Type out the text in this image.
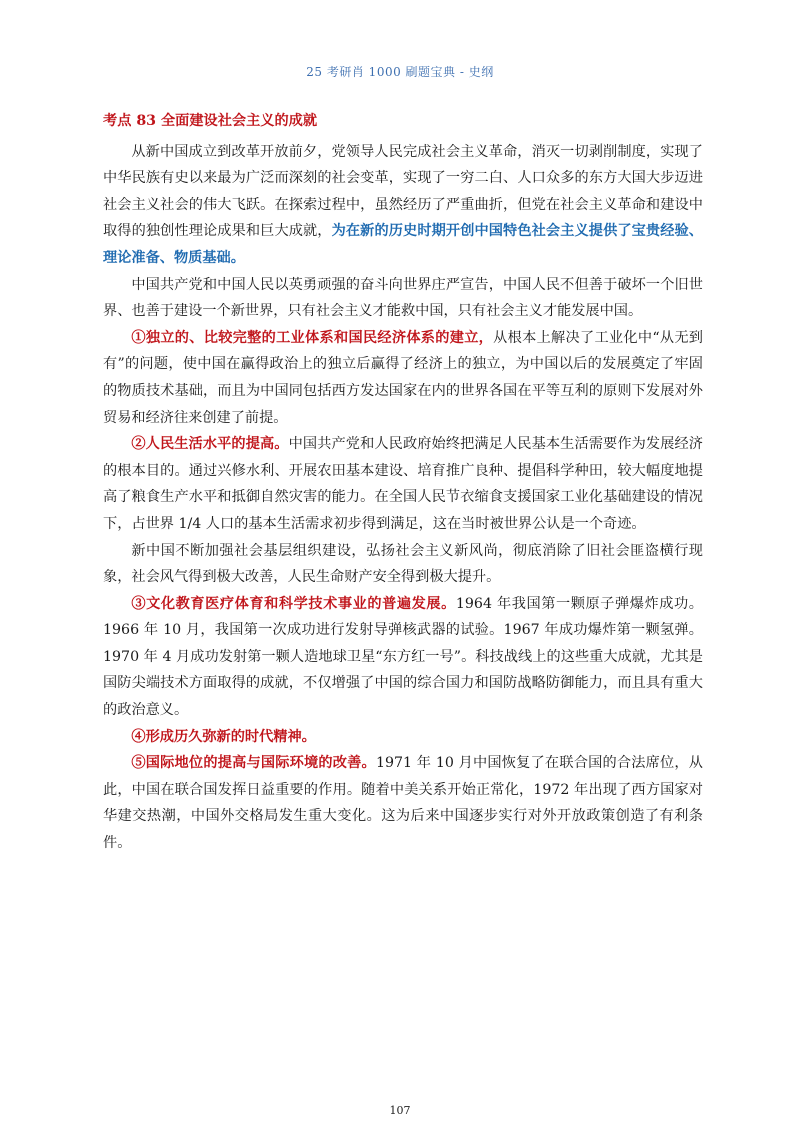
25 考研肖 1000 刷题宝典 - 史纲
考点 83 全面建设社会主义的成就

从新中国成立到改革开放前夕，党领导人民完成社会主义革命，消灭一切剥削制度，实现了中华民族有史以来最为广泛而深刻的社会变革，实现了一穷二白、人口众多的东方大国大步迈进社会主义社会的伟大飞跃。在探索过程中，虽然经历了严重曲折，但党在社会主义革命和建设中取得的独创性理论成果和巨大成就，为在新的历史时期开创中国特色社会主义提供了宝贵经验、理论准备、物质基础。

中国共产党和中国人民以英勇顽强的奋斗向世界庄严宣告，中国人民不但善于破坏一个旧世界、也善于建设一个新世界，只有社会主义才能救中国，只有社会主义才能发展中国。

①独立的、比较完整的工业体系和国民经济体系的建立，从根本上解决了工业化中“从无到有”的问题，使中国在赢得政治上的独立后赢得了经济上的独立，为中国以后的发展奠定了牢固的物质技术基础，而且为中国同包括西方发达国家在内的世界各国在平等互利的原则下发展对外贸易和经济往来创建了前提。

②人民生活水平的提高。中国共产党和人民政府始终把满足人民基本生活需要作为发展经济的根本目的。通过兴修水利、开展农田基本建设、培育推广良种、提倡科学种田，较大幅度地提高了粮食生产水平和抵御自然灾害的能力。在全国人民节衣缩食支援国家工业化基础建设的情况下，占世界 1/4 人口的基本生活需求初步得到满足，这在当时被世界公认是一个奇迹。

新中国不断加强社会基层组织建设，弘扬社会主义新风尚，彻底消除了旧社会匪盗横行现象，社会风气得到极大改善，人民生命财产安全得到极大提升。

③文化教育医疗体育和科学技术事业的普遍发展。1964 年我国第一颗原子弹爆炸成功。1966 年 10 月，我国第一次成功进行发射导弹核武器的试验。1967 年成功爆炸第一颗氢弹。1970 年 4 月成功发射第一颗人造地球卫星“东方红一号”。科技战线上的这些重大成就，尤其是国防尖端技术方面取得的成就，不仅增强了中国的综合国力和国防战略防御能力，而且具有重大的政治意义。

④形成历久弥新的时代精神。

⑤国际地位的提高与国际环境的改善。1971 年 10 月中国恢复了在联合国的合法席位，从此，中国在联合国发挥日益重要的作用。随着中美关系开始正常化，1972 年出现了西方国家对华建交热潮，中国外交格局发生重大变化。这为后来中国逐步实行对外开放政策创造了有利条件。

107
